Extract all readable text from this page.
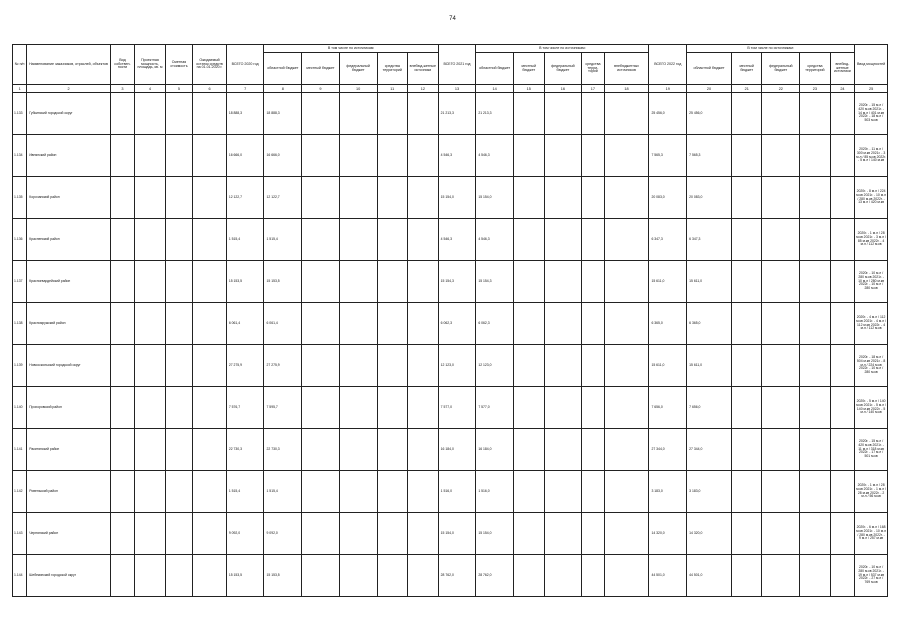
74
№ п/п	Наименование заказчиков, отраслей, объектов	Вид собствен-ности	Проектная мощность, площадь, кв. м	Сметная стоимость	Ожидаемый остаток средств на 01.01.2020 г.	ВСЕГО 2020 год	В том числе по источникам:					ВСЕГО 2021 год	В том числе по источникам:					ВСЕГО 2022 год	В том числе по источникам:					Ввод мощностей
							областной бюджет	местный бюджет	федеральный бюджет	средства территорий	внебюд-жетные источники		областной бюджет	местный бюджет	федеральный бюджет	средства терри-торий	внебюджетных источников		областной бюджет	местный бюджет	федеральный бюджет	средства территорий	внебюд-жетные источники	
1	2	3	4	5	6	7	8	9	10	11	12	13	14	15	16	17	18	19	20	21	22	23	24	25
1.133	Губкинский городской округ					18 888,3	18 888,3					21 213,3	21 213,3					25 456,0	25 456,0					2020г. - 15 м.л / 420 м.кв 2021г. - 14 м.л / 401 м.кв 2022г. - 18 м.л / 503 м.кв
1.134	Ивнянский район					16 666,0	16 666,0					4 546,3	4 546,3					7 565,3	7 565,3					2020г. - 11 м.л / 300 м.кв 2021г. - 3 м.л / 85 м.кв 2022г. - 5 м.л / 140 м.кв
1.135	Корочанский район					12 122,7	12 122,7					15 154,0	15 154,0					20 083,0	20 083,0					2020г. - 8 м.л / 224 м.кв 2021г. - 10 м.л / 280 м.кв 2022г. - 13 м.л / 420 м.кв
1.136	Красненский район					1 515,4	1 515,4					4 546,3	4 546,3					6 347,3	6 347,3					2020г. - 1 м.л / 28 м.кв 2021г. - 3 м.л / 85 м.кв 2022г. - 4 м.л / 112 м.кв
1.137	Красногвардейский район					15 153,5	15 153,5					15 154,3	15 154,3					15 611,0	15 611,0					2020г. - 10 м.л / 280 м.кв 2021г. - 10 м.л / 280 м.кв 2022г. - 10 м.л / 280 м.кв
1.138	Краснояружский район					6 061,4	6 061,4					6 062,3	6 062,3					6 365,0	6 365,0					2020г. - 4 м.л / 112 м.кв 2021г. - 4 м.л / 112 м.кв 2022г. - 4 м.л / 112 м.кв
1.139	Новооскольский городской округ					27 275,9	27 275,9					12 123,0	12 123,0					15 611,0	15 611,0					2020г. - 18 м.л / 504 м.кв 2021г. - 8 м.л / 224 м.кв 2022г. - 10 м.л / 280 м.кв
1.140	Прохоровский район					7 576,7	7 595,7					7 577,0	7 577,0					7 656,0	7 656,0					2020г. - 5 м.л / 140 м.кв 2021г. - 5 м.л / 140 м.кв 2022г. - 5 м.л / 140 м.кв
1.141	Ракитянский район					22 730,3	22 730,3					16 184,0	16 184,0					27 344,0	27 344,0					2020г. - 15 м.л / 420 м.кв 2021г. - 11 м.л / 318 м.кв 2022г. - 17 м.л / 501 м.кв
1.142	Ровеньский район					1 515,4	1 515,4					1 516,0	1 516,0					3 183,0	3 183,0					2020г. - 1 м.л / 28 м.кв 2021г. - 1 м.л / 28 м.кв 2022г. - 2 м.л / 56 м.кв
1.143	Чернянский район					9 092,0	9 092,0					15 154,0	15 154,0					14 320,0	14 320,0					2020г. - 6 м.л / 168 м.кв 2021г. - 10 м.л / 280 м.кв 2022г. - 9 м.л / 257 м.кв
1.144	Шебекинский городской округ					15 153,5	15 153,5					28 762,0	28 762,0					44 501,0	44 501,0					2020г. - 10 м.л / 280 м.кв 2021г. - 19 м.л / 537 м.кв 2022г. - 27 м.л / 769 м.кв
